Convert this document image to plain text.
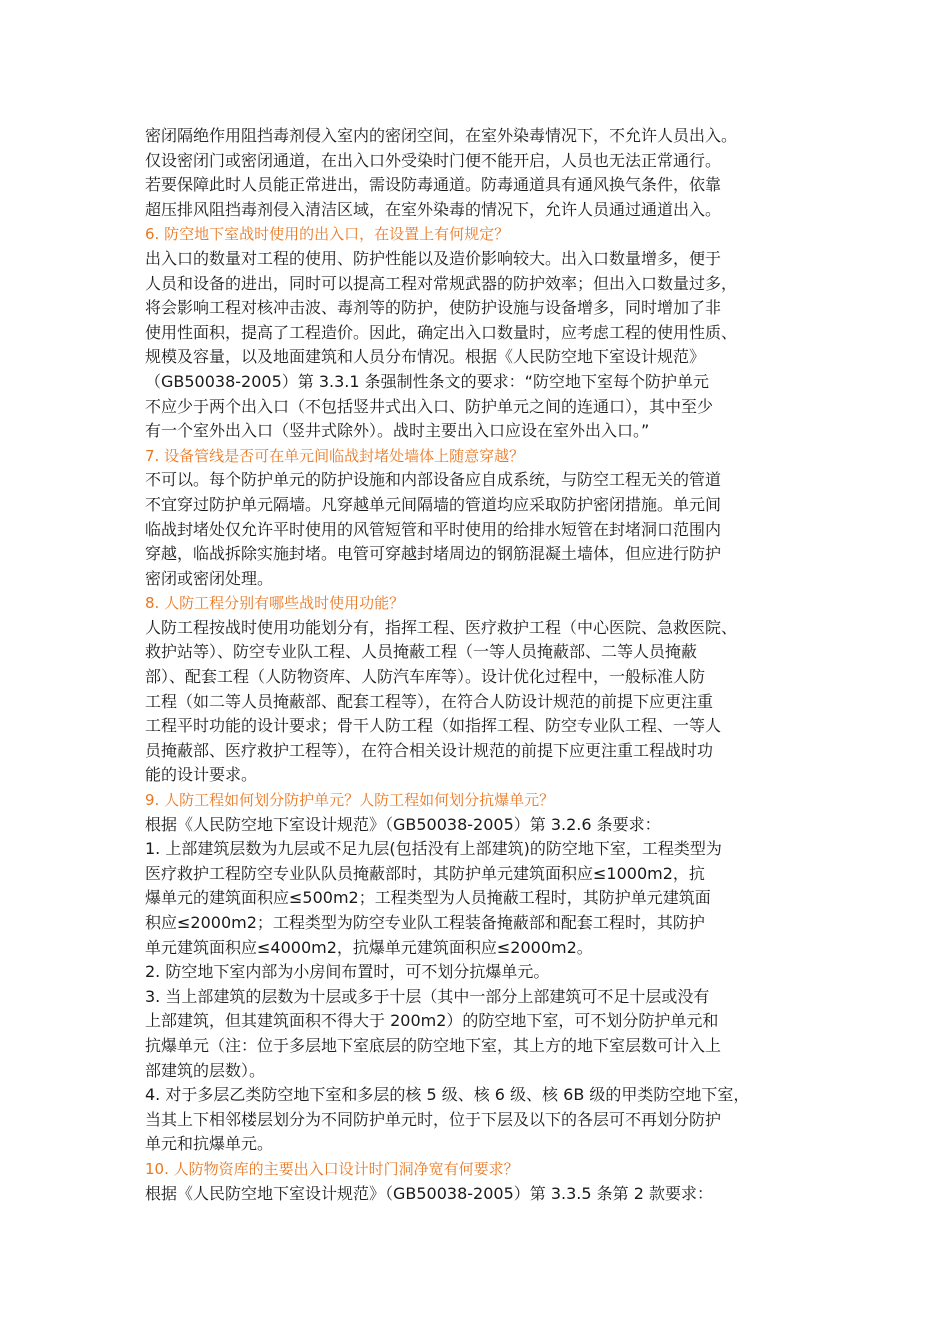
密闭隔绝作用阻挡毒剂侵入室内的密闭空间，在室外染毒情况下，不允许人员出入。

仅设密闭门或密闭通道，在出入口外受染时门便不能开启，人员也无法正常通行。

若要保障此时人员能正常进出，需设防毒通道。防毒通道具有通风换气条件，依靠

超压排风阻挡毒剂侵入清洁区域，在室外染毒的情况下，允许人员通过通道出入。

6. 防空地下室战时使用的出入口，在设置上有何规定？

出入口的数量对工程的使用、防护性能以及造价影响较大。出入口数量增多，便于

人员和设备的进出，同时可以提高工程对常规武器的防护效率；但出入口数量过多，

将会影响工程对核冲击波、毒剂等的防护，使防护设施与设备增多，同时增加了非

使用性面积，提高了工程造价。因此，确定出入口数量时，应考虑工程的使用性质、

规模及容量，以及地面建筑和人员分布情况。根据《人民防空地下室设计规范》

（GB50038-2005）第 3.3.1 条强制性条文的要求：“防空地下室每个防护单元

不应少于两个出入口（不包括竖井式出入口、防护单元之间的连通口），其中至少

有一个室外出入口（竖井式除外）。战时主要出入口应设在室外出入口。”

7. 设备管线是否可在单元间临战封堵处墙体上随意穿越？

不可以。每个防护单元的防护设施和内部设备应自成系统，与防空工程无关的管道

不宜穿过防护单元隔墙。凡穿越单元间隔墙的管道均应采取防护密闭措施。单元间

临战封堵处仅允许平时使用的风管短管和平时使用的给排水短管在封堵洞口范围内

穿越，临战拆除实施封堵。电管可穿越封堵周边的钢筋混凝土墙体，但应进行防护

密闭或密闭处理。

8. 人防工程分别有哪些战时使用功能？

人防工程按战时使用功能划分有，指挥工程、医疗救护工程（中心医院、急救医院、

救护站等）、防空专业队工程、人员掩蔽工程（一等人员掩蔽部、二等人员掩蔽

部）、配套工程（人防物资库、人防汽车库等）。设计优化过程中，一般标准人防

工程（如二等人员掩蔽部、配套工程等），在符合人防设计规范的前提下应更注重

工程平时功能的设计要求；骨干人防工程（如指挥工程、防空专业队工程、一等人

员掩蔽部、医疗救护工程等），在符合相关设计规范的前提下应更注重工程战时功

能的设计要求。

9. 人防工程如何划分防护单元？人防工程如何划分抗爆单元？

根据《人民防空地下室设计规范》（GB50038-2005）第 3.2.6 条要求：

1. 上部建筑层数为九层或不足九层(包括没有上部建筑)的防空地下室，工程类型为

医疗救护工程防空专业队队员掩蔽部时，其防护单元建筑面积应≤1000m2，抗

爆单元的建筑面积应≤500m2；工程类型为人员掩蔽工程时，其防护单元建筑面

积应≤2000m2；工程类型为防空专业队工程装备掩蔽部和配套工程时，其防护

单元建筑面积应≤4000m2，抗爆单元建筑面积应≤2000m2。

2. 防空地下室内部为小房间布置时，可不划分抗爆单元。

3. 当上部建筑的层数为十层或多于十层（其中一部分上部建筑可不足十层或没有

上部建筑，但其建筑面积不得大于 200m2）的防空地下室，可不划分防护单元和

抗爆单元（注：位于多层地下室底层的防空地下室，其上方的地下室层数可计入上

部建筑的层数）。

4. 对于多层乙类防空地下室和多层的核 5 级、核 6 级、核 6B 级的甲类防空地下室，

当其上下相邻楼层划分为不同防护单元时，位于下层及以下的各层可不再划分防护

单元和抗爆单元。

10. 人防物资库的主要出入口设计时门洞净宽有何要求？

根据《人民防空地下室设计规范》（GB50038-2005）第 3.3.5 条第 2 款要求：
